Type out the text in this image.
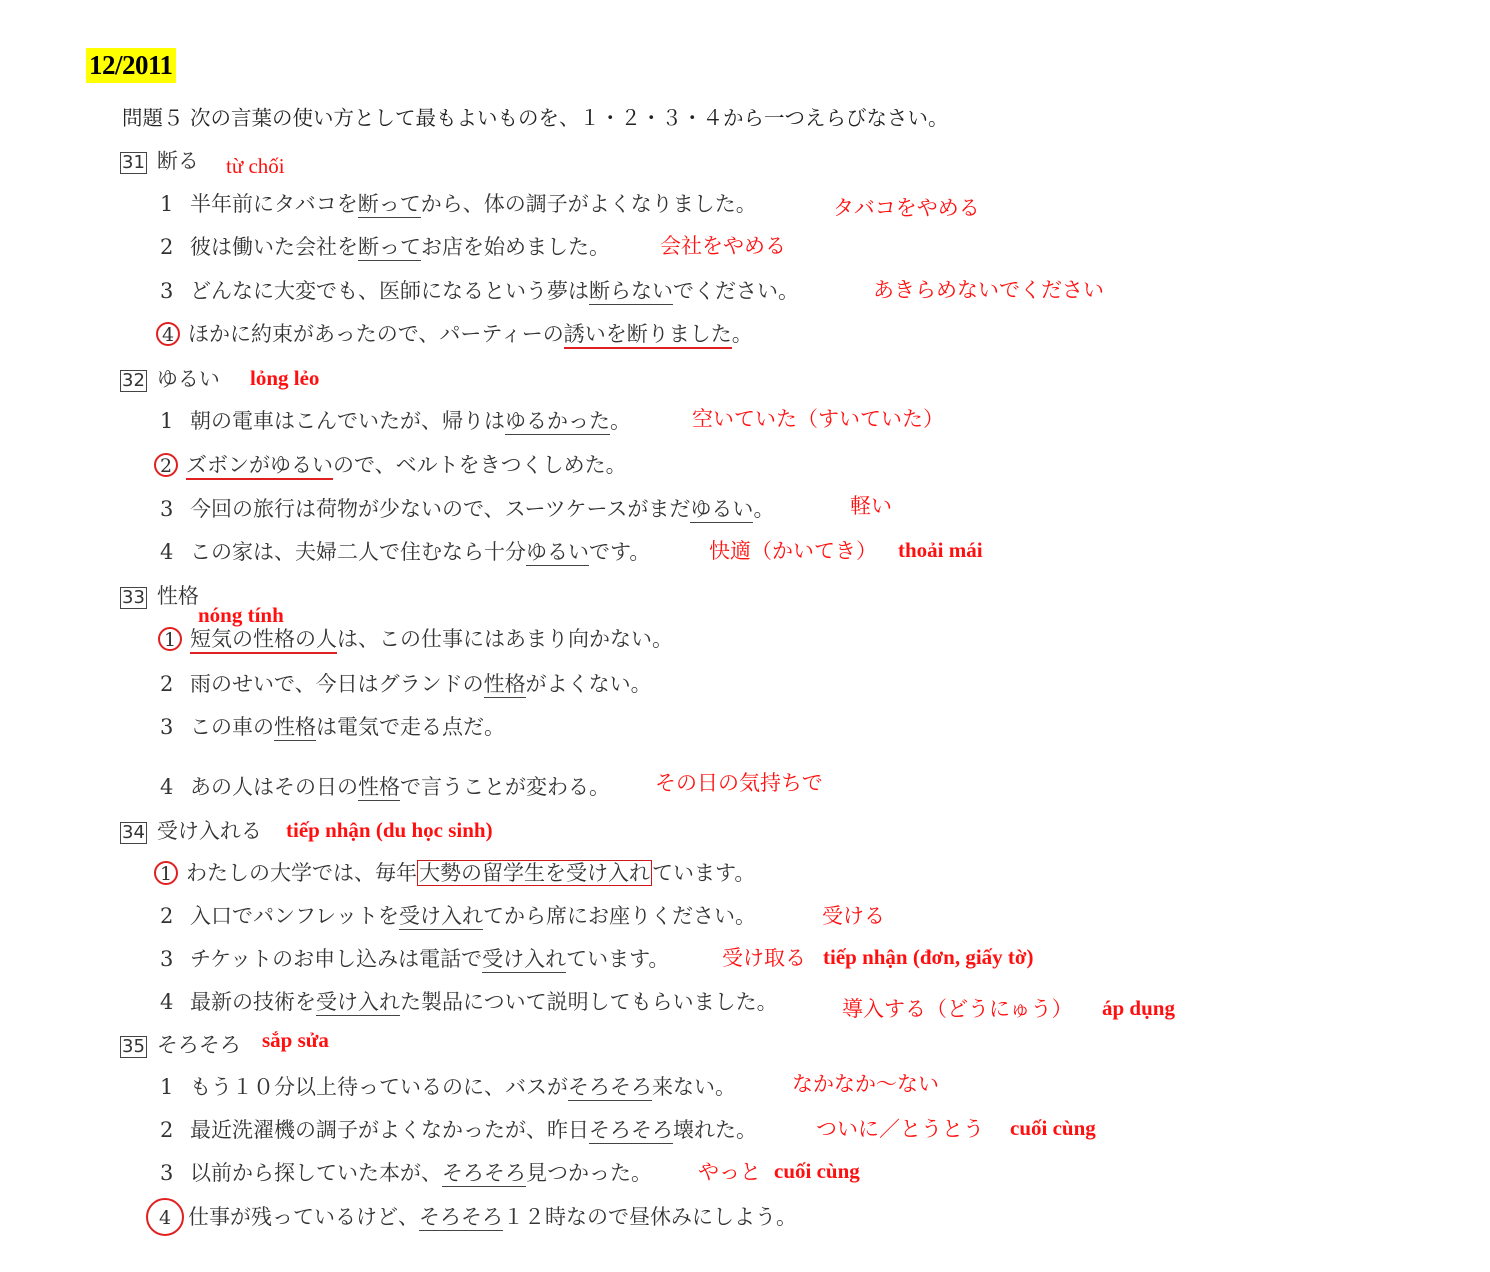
12/2011
問題５ 次の言葉の使い方として最もよいものを、１・２・３・４から一つえらびなさい。
31 断る từ chối
1 半年前にタバコを断ってから、体の調子がよくなりました。	タバコをやめる
2 彼は働いた会社を断ってお店を始めました。 会社をやめる
3 どんなに大変でも、医師になるという夢は断らないでください。	あきらめないでください
4 ほかに約束があったので、パーティーの誘いを断りました。
32 ゆるい lỏng lẻo
1 朝の電車はこんでいたが、帰りはゆるかった。	空いていた（すいていた）
2 ズボンがゆるいので、ベルトをきつくしめた。
3 今回の旅行は荷物が少ないので、スーツケースがまだゆるい。	軽い
4 この家は、夫婦二人で住むなら十分ゆるいです。	快適（かいてき） thoải mái
33 性格
nóng tính
1 短気の性格の人は、この仕事にはあまり向かない。
2 雨のせいで、今日はグランドの性格がよくない。
3 この車の性格は電気で走る点だ。
4 あの人はその日の性格で言うことが変わる。 その日の気持ちで
34 受け入れる tiếp nhận (du học sinh)
1 わたしの大学では、毎年大勢の留学生を受け入れています。
2 入口でパンフレットを受け入れてから席にお座りください。	受ける
3 チケットのお申し込みは電話で受け入れています。	受け取る tiếp nhận (đơn, giấy tờ)
4 最新の技術を受け入れた製品について説明してもらいました。	導入する（どうにゅう） áp dụng
35 そろそろ sắp sửa
1 もう１０分以上待っているのに、バスがそろそろ来ない。	なかなか〜ない
2 最近洗濯機の調子がよくなかったが、昨日そろそろ壊れた。	ついに／とうとう cuối cùng
3 以前から探していた本が、そろそろ見つかった。 やっと cuối cùng
4 仕事が残っているけど、そろそろ１２時なので昼休みにしよう。
